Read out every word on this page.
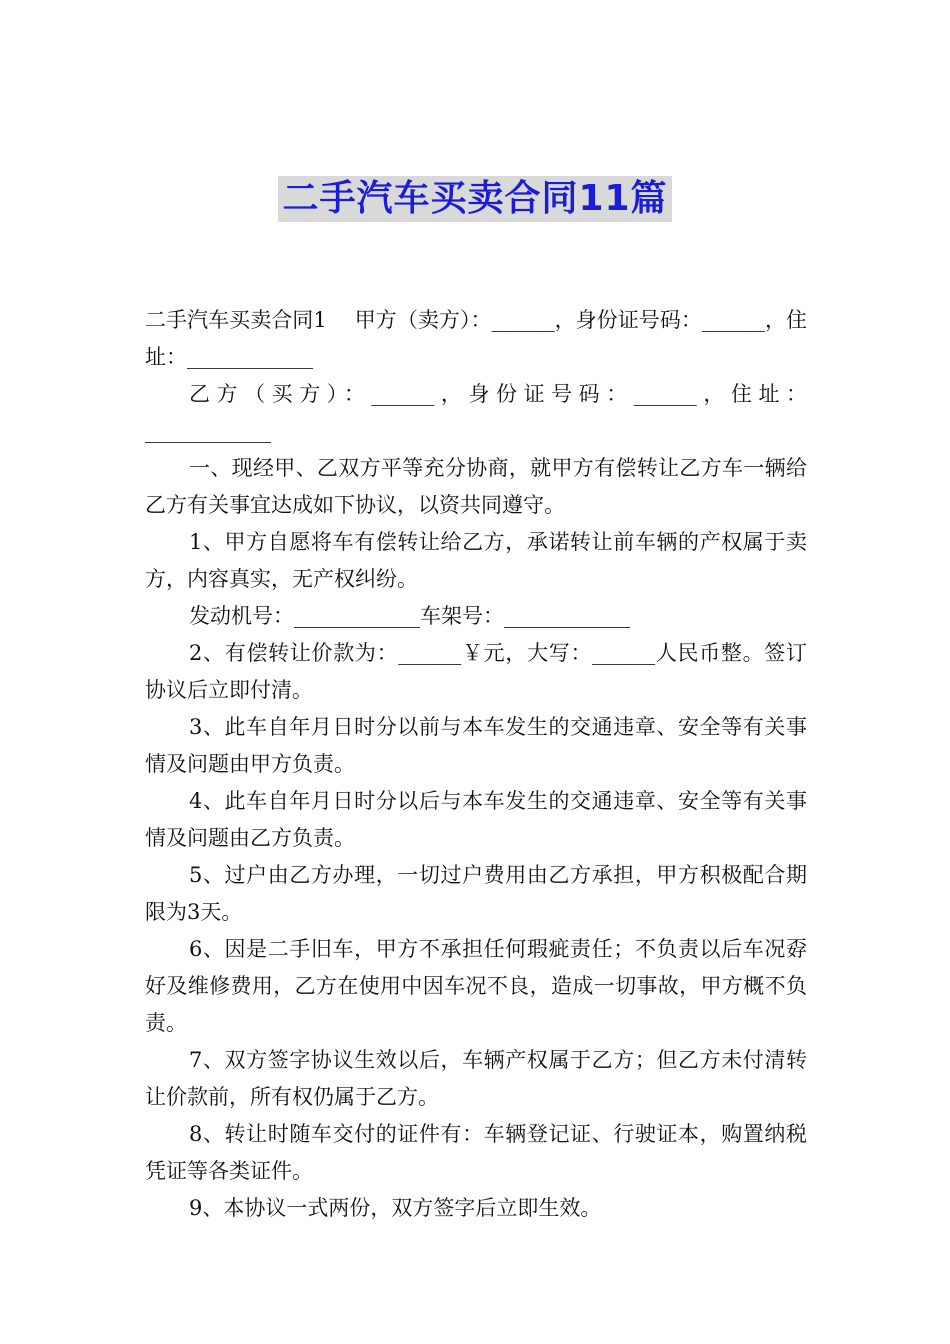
二手汽车买卖合同11篇

二手汽车买卖合同1 甲方（卖方）：______，身份证号码：______，住址：____________

乙方（买方）：______，身份证号码：______，住址：____________

一、现经甲、乙双方平等充分协商，就甲方有偿转让乙方车一辆给乙方有关事宜达成如下协议，以资共同遵守。

1、甲方自愿将车有偿转让给乙方，承诺转让前车辆的产权属于卖方，内容真实，无产权纠纷。

发动机号：____________车架号：____________

2、有偿转让价款为：______￥元，大写：______人民币整。签订协议后立即付清。

3、此车自年月日时分以前与本车发生的交通违章、安全等有关事情及问题由甲方负责。

4、此车自年月日时分以后与本车发生的交通违章、安全等有关事情及问题由乙方负责。

5、过户由乙方办理，一切过户费用由乙方承担，甲方积极配合期限为3天。

6、因是二手旧车，甲方不承担任何瑕疵责任；不负责以后车况孬好及维修费用，乙方在使用中因车况不良，造成一切事故，甲方概不负责。

7、双方签字协议生效以后，车辆产权属于乙方；但乙方未付清转让价款前，所有权仍属于乙方。

8、转让时随车交付的证件有：车辆登记证、行驶证本，购置纳税凭证等各类证件。

9、本协议一式两份，双方签字后立即生效。
